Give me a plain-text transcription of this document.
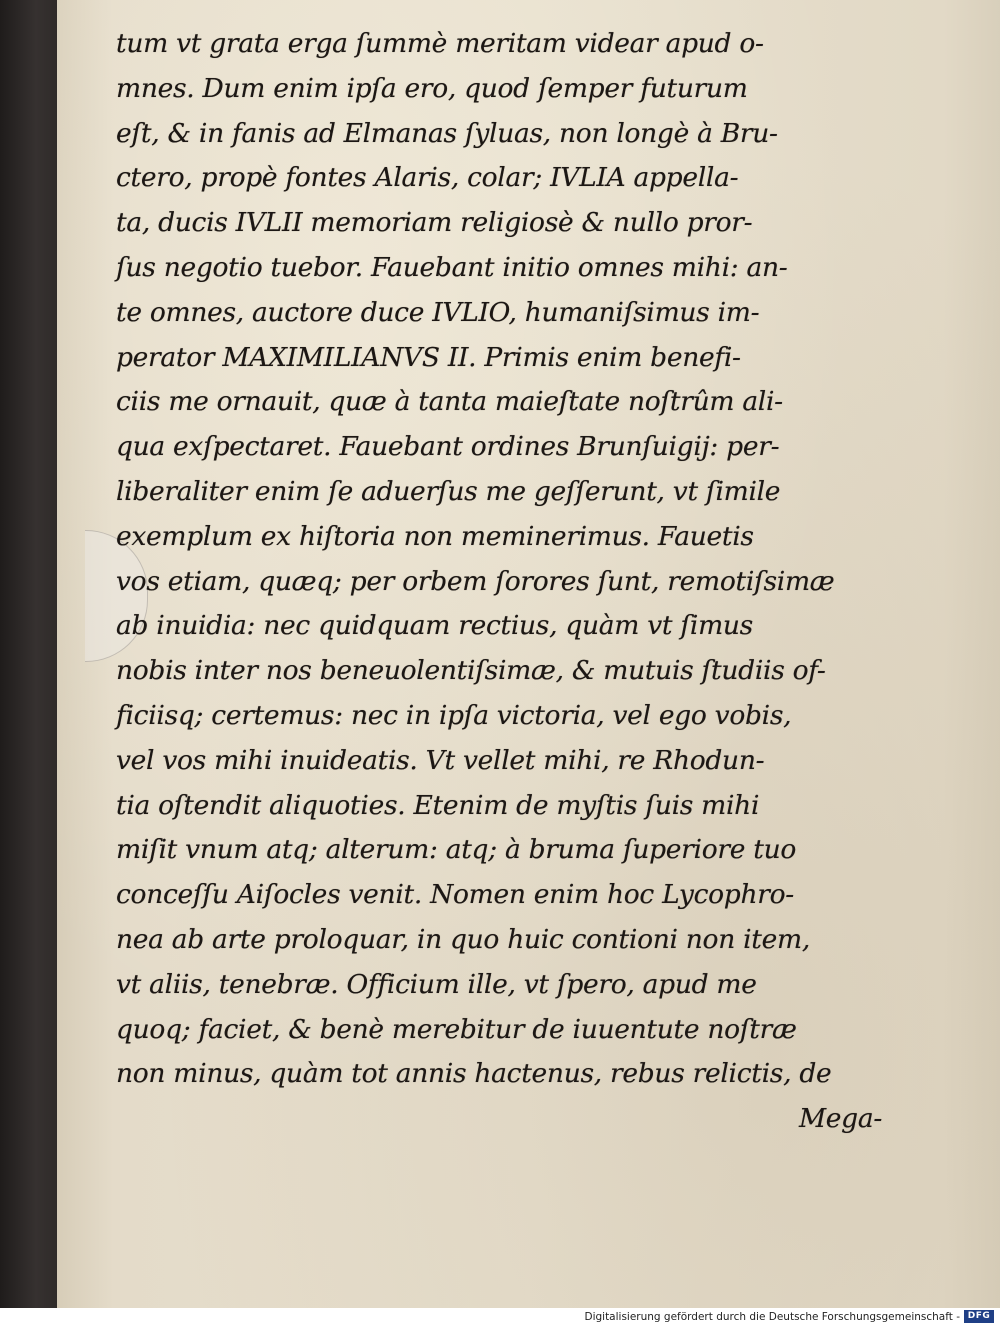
tum vt grata erga ſummè meritam videar apud o-
mnes. Dum enim ipſa ero, quod ſemper futurum
eſt, & in fanis ad Elmanas ſyluas, non longè à Bru-
ctero, propè fontes Alaris, colar; IVLIA appella-
ta, ducis IVLII memoriam religiosè & nullo pror-
ſus negotio tuebor. Fauebant initio omnes mihi: an-
te omnes, auctore duce IVLIO, humaniſsimus im-
perator MAXIMILIANVS II. Primis enim benefi-
ciis me ornauit, quæ à tanta maieſtate noſtrûm ali-
qua exſpectaret. Fauebant ordines Brunſuigij: per-
liberaliter enim ſe aduerſus me geſſerunt, vt ſimile
exemplum ex hiſtoria non meminerimus. Fauetis
vos etiam, quæq; per orbem ſorores ſunt, remotiſsimæ
ab inuidia: nec quidquam rectius, quàm vt ſimus
nobis inter nos beneuolentiſsimæ, & mutuis ſtudiis of-
ficiisq; certemus: nec in ipſa victoria, vel ego vobis,
vel vos mihi inuideatis. Vt vellet mihi, re Rhodun-
tia oſtendit aliquoties. Etenim de myſtis ſuis mihi
miſit vnum atq; alterum: atq; à bruma ſuperiore tuo
conceſſu Aiſocles venit. Nomen enim hoc Lycophro-
nea ab arte proloquar, in quo huic contioni non item,
vt aliis, tenebræ. Officium ille, vt ſpero, apud me
quoq; faciet, & benè merebitur de iuuentute noſtræ
non minus, quàm tot annis hactenus, rebus relictis, de
Mega-
Digitalisierung gefördert durch die Deutsche Forschungsgemeinschaft - DFG
